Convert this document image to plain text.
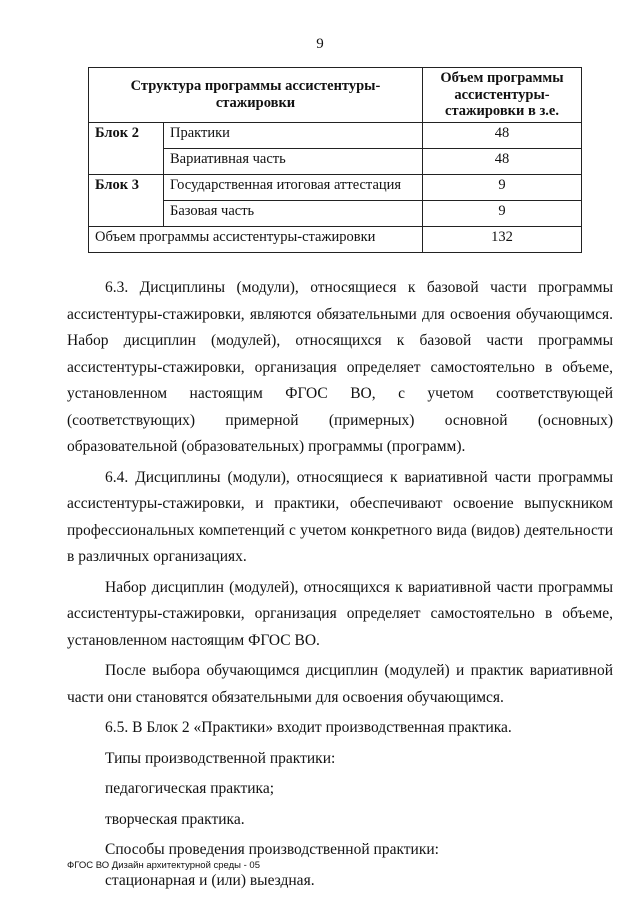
9
Структура программы ассистентуры-стажировки		Объем программы ассистентуры-стажировки в з.е.
Блок 2	Практики	48
	Вариативная часть	48
Блок 3	Государственная итоговая аттестация	9
	Базовая часть	9
Объем программы ассистентуры-стажировки		132

6.3. Дисциплины (модули), относящиеся к базовой части программы ассистентуры-стажировки, являются обязательными для освоения обучающимся. Набор дисциплин (модулей), относящихся к базовой части программы ассистентуры-стажировки, организация определяет самостоятельно в объеме, установленном настоящим ФГОС ВО, с учетом соответствующей (соответствующих) примерной (примерных) основной (основных) образовательной (образовательных) программы (программ).

6.4. Дисциплины (модули), относящиеся к вариативной части программы ассистентуры-стажировки, и практики, обеспечивают освоение выпускником профессиональных компетенций с учетом конкретного вида (видов) деятельности в различных организациях.

Набор дисциплин (модулей), относящихся к вариативной части программы ассистентуры-стажировки, организация определяет самостоятельно в объеме, установленном настоящим ФГОС ВО.

После выбора обучающимся дисциплин (модулей) и практик вариативной части они становятся обязательными для освоения обучающимся.

6.5. В Блок 2 «Практики» входит производственная практика.

Типы производственной практики:

педагогическая практика;

творческая практика.

Способы проведения производственной практики:

стационарная и (или) выездная.

ФГОС ВО Дизайн архитектурной среды - 05
